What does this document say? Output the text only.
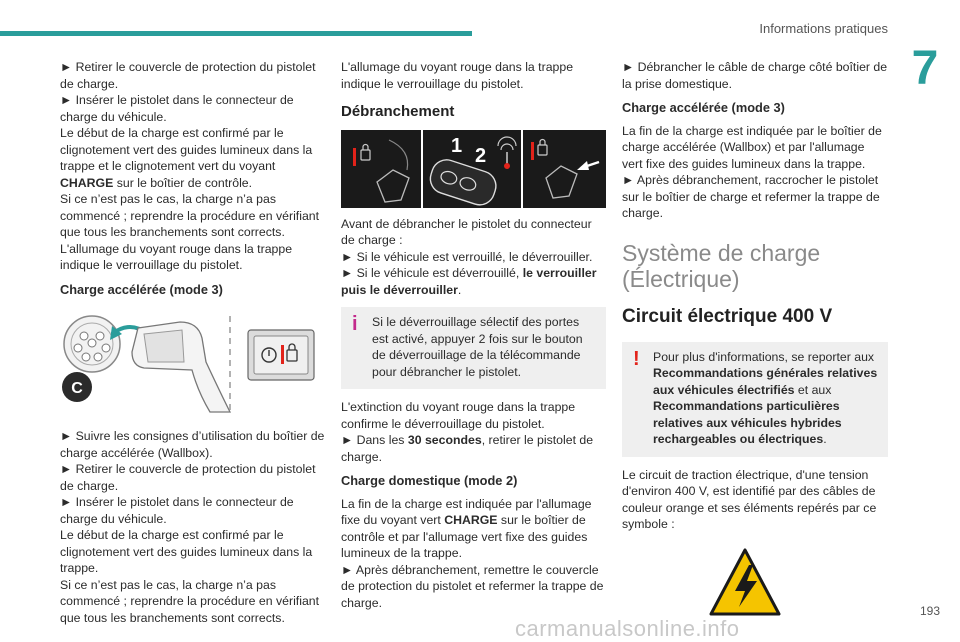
Informations pratiques
7

► Retirer le couvercle de protection du pistolet de charge.

► Insérer le pistolet dans le connecteur de charge du véhicule.

Le début de la charge est confirmé par le clignotement vert des guides lumineux dans la trappe et le clignotement vert du voyant CHARGE sur le boîtier de contrôle.

Si ce n’est pas le cas, la charge n’a pas commencé ; reprendre la procédure en vérifiant que tous les branchements sont corrects.

L'allumage du voyant rouge dans la trappe indique le verrouillage du pistolet.

Charge accélérée (mode 3)

C

► Suivre les consignes d’utilisation du boîtier de charge accélérée (Wallbox).

► Retirer le couvercle de protection du pistolet de charge.

► Insérer le pistolet dans le connecteur de charge du véhicule.

Le début de la charge est confirmé par le clignotement vert des guides lumineux dans la trappe.

Si ce n’est pas le cas, la charge n’a pas commencé ; reprendre la procédure en vérifiant que tous les branchements sont corrects.

L'allumage du voyant rouge dans la trappe indique le verrouillage du pistolet.

Débranchement

1 2

Avant de débrancher le pistolet du connecteur de charge :

► Si le véhicule est verrouillé, le déverrouiller.

► Si le véhicule est déverrouillé, le verrouiller puis le déverrouiller.

i Si le déverrouillage sélectif des portes est activé, appuyer 2 fois sur le bouton de déverrouillage de la télécommande pour débrancher le pistolet.

L'extinction du voyant rouge dans la trappe confirme le déverrouillage du pistolet.

► Dans les 30 secondes, retirer le pistolet de charge.

Charge domestique (mode 2)

La fin de la charge est indiquée par l'allumage fixe du voyant vert CHARGE sur le boîtier de contrôle et par l'allumage vert fixe des guides lumineux de la trappe.

► Après débranchement, remettre le couvercle de protection du pistolet et refermer la trappe de charge.

► Débrancher le câble de charge côté boîtier de la prise domestique.

Charge accélérée (mode 3)

La fin de la charge est indiquée par le boîtier de charge accélérée (Wallbox) et par l'allumage vert fixe des guides lumineux dans la trappe.

► Après débranchement, raccrocher le pistolet sur le boîtier de charge et refermer la trappe de charge.

Système de charge (Électrique)

Circuit électrique 400 V

! Pour plus d'informations, se reporter aux Recommandations générales relatives aux véhicules électrifiés et aux Recommandations particulières relatives aux véhicules hybrides rechargeables ou électriques.

Le circuit de traction électrique, d'une tension d'environ 400 V, est identifié par des câbles de couleur orange et ses éléments repérés par ce symbole :

193
carmanualsonline.info
